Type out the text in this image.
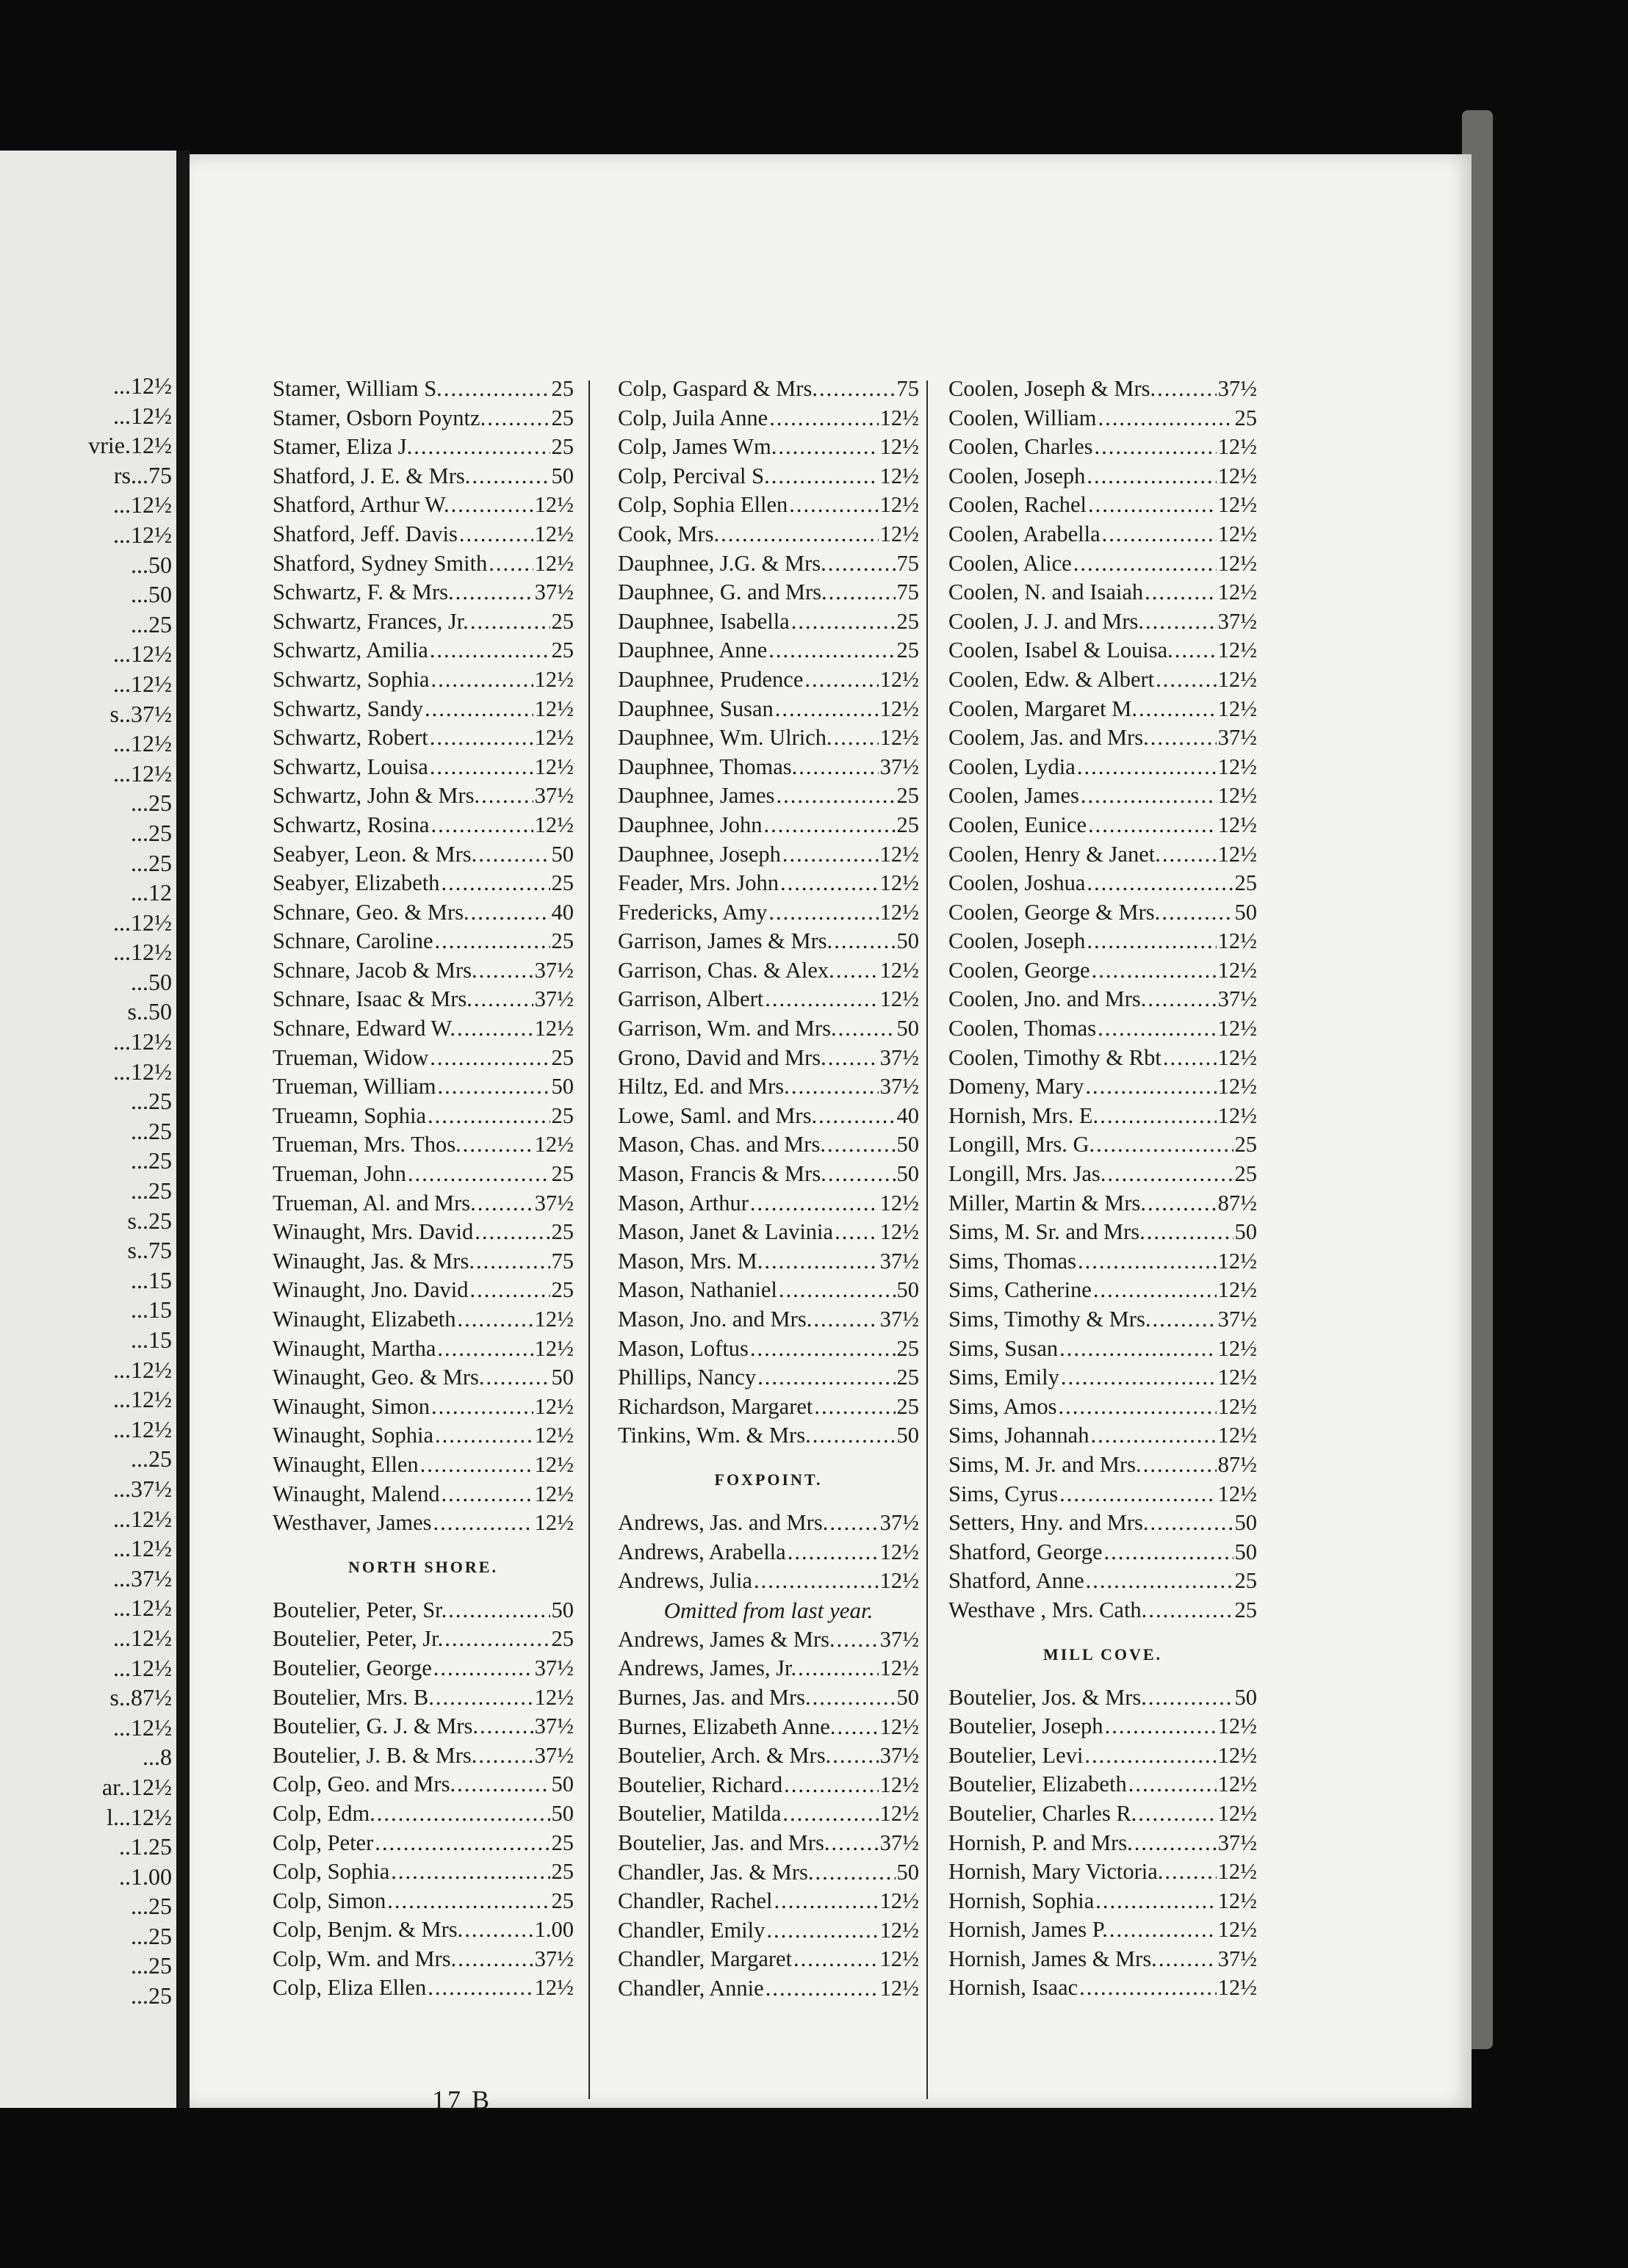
...12½
...12½
vrie.12½
rs...75
...12½
...12½
...50
...50
...25
...12½
...12½
s..37½
...12½
...12½
...25
...25
...25
...12
...12½
...12½
...50
s..50
...12½
...12½
...25
...25
...25
...25
s..25
s..75
...15
...15
...15
...12½
...12½
...12½
...25
...37½
...12½
...12½
...37½
...12½
...12½
...12½
s..87½
...12½
...8
ar..12½
l...12½
..1.25
..1.00
...25
...25
...25
...25
Stamer, William S. .....	25
Stamer, Osborn Poyntz. .....	25
Stamer, Eliza J. .....	25
Shatford, J. E. & Mrs. .....	50
Shatford, Arthur W. .....	12½
Shatford, Jeff. Davis .....	12½
Shatford, Sydney Smith ..... 12½
Schwartz, F. & Mrs. .....	37½
Schwartz, Frances, Jr. .....	25
Schwartz, Amilia .....	25
Schwartz, Sophia .....	12½
Schwartz, Sandy .....	12½
Schwartz, Robert .....	12½
Schwartz, Louisa .....	12½
Schwartz, John & Mrs. ..... 37½
Schwartz, Rosina .....	12½
Seabyer, Leon. & Mrs. .....	50
Seabyer, Elizabeth .....	25
Schnare, Geo. & Mrs. .....	40
Schnare, Caroline .....	25
Schnare, Jacob & Mrs. .....	37½
Schnare, Isaac & Mrs. .....	37½
Schnare, Edward W. .....	12½
Trueman, Widow .....	25
Trueman, William .....	50
Trueamn, Sophia .....	25
Trueman, Mrs. Thos. .....	12½
Trueman, John .....	25
Trueman, Al. and Mrs. .....	37½
Winaught, Mrs. David .....	25
Winaught, Jas. & Mrs. .....	75
Winaught, Jno. David .....	25
Winaught, Elizabeth .....	12½
Winaught, Martha .....	12½
Winaught, Geo. & Mrs. .....	50
Winaught, Simon .....	12½
Winaught, Sophia .....	12½
Winaught, Ellen .....	12½
Winaught, Malend .....	12½
Westhaver, James .....	12½
NORTH SHORE.
Boutelier, Peter, Sr. .....	50
Boutelier, Peter, Jr. .....	25
Boutelier, George .....	37½
Boutelier, Mrs. B. .....	12½
Boutelier, G. J. & Mrs. .....	37½
Boutelier, J. B. & Mrs. .....	37½
Colp, Geo. and Mrs. .....	50
Colp, Edm. .....	50
Colp, Peter .....	25
Colp, Sophia .....	25
Colp, Simon .....	25
Colp, Benjm. & Mrs. .....	1.00
Colp, Wm. and Mrs. .....	37½
Colp, Eliza Ellen .....	12½
Colp, Gaspard & Mrs. .....	75
Colp, Juila Anne .....	12½
Colp, James Wm. .....	12½
Colp, Percival S. .....	12½
Colp, Sophia Ellen .....	12½
Cook, Mrs. .....	12½
Dauphnee, J.G. & Mrs. .....	75
Dauphnee, G. and Mrs. .....	75
Dauphnee, Isabella .....	25
Dauphnee, Anne .....	25
Dauphnee, Prudence .....	12½
Dauphnee, Susan .....	12½
Dauphnee, Wm. Ulrich. ..... 12½
Dauphnee, Thomas. .....	37½
Dauphnee, James .....	25
Dauphnee, John .....	25
Dauphnee, Joseph .....	12½
Feader, Mrs. John .....	12½
Fredericks, Amy .....	12½
Garrison, James & Mrs. .....	50
Garrison, Chas. & Alex. ..... 12½
Garrison, Albert .....	12½
Garrison, Wm. and Mrs. .....	50
Grono, David and Mrs. ..... 37½
Hiltz, Ed. and Mrs. .....	37½
Lowe, Saml. and Mrs. .....	40
Mason, Chas. and Mrs. .....	50
Mason, Francis & Mrs. .....	50
Mason, Arthur .....	12½
Mason, Janet & Lavinia ..... 12½
Mason, Mrs. M. .....	37½
Mason, Nathaniel .....	50
Mason, Jno. and Mrs. .....	37½
Mason, Loftus .....	25
Phillips, Nancy .....	25
Richardson, Margaret .....	25
Tinkins, Wm. & Mrs. .....	50
FOXPOINT.
Andrews, Jas. and Mrs. ..... 37½
Andrews, Arabella .....	12½
Andrews, Julia .....	12½
Omitted from last year.
Andrews, James & Mrs. ..... 37½
Andrews, James, Jr. .....	12½
Burnes, Jas. and Mrs. .....	50
Burnes, Elizabeth Anne. ..... 12½
Boutelier, Arch. & Mrs. ..... 37½
Boutelier, Richard .....	12½
Boutelier, Matilda .....	12½
Boutelier, Jas. and Mrs. ..... 37½
Chandler, Jas. & Mrs. .....	50
Chandler, Rachel .....	12½
Chandler, Emily .....	12½
Chandler, Margaret .....	12½
Chandler, Annie .....	12½
Coolen, Joseph & Mrs. .....	37½
Coolen, William .....	25
Coolen, Charles .....	12½
Coolen, Joseph .....	12½
Coolen, Rachel .....	12½
Coolen, Arabella .....	12½
Coolen, Alice .....	12½
Coolen, N. and Isaiah .....	12½
Coolen, J. J. and Mrs. .....	37½
Coolen, Isabel & Louisa. ..... 12½
Coolen, Edw. & Albert .....	12½
Coolen, Margaret M. .....	12½
Coolem, Jas. and Mrs. .....	37½
Coolen, Lydia .....	12½
Coolen, James .....	12½
Coolen, Eunice .....	12½
Coolen, Henry & Janet. .....	12½
Coolen, Joshua .....	25
Coolen, George & Mrs. .....	50
Coolen, Joseph .....	12½
Coolen, George .....	12½
Coolen, Jno. and Mrs. .....	37½
Coolen, Thomas .....	12½
Coolen, Timothy & Rbt .....	12½
Domeny, Mary .....	12½
Hornish, Mrs. E. .....	12½
Longill, Mrs. G. .....	25
Longill, Mrs. Jas. .....	25
Miller, Martin & Mrs. .....	87½
Sims, M. Sr. and Mrs. .....	50
Sims, Thomas .....	12½
Sims, Catherine .....	12½
Sims, Timothy & Mrs. .....	37½
Sims, Susan .....	12½
Sims, Emily .....	12½
Sims, Amos .....	12½
Sims, Johannah .....	12½
Sims, M. Jr. and Mrs. .....	87½
Sims, Cyrus .....	12½
Setters, Hny. and Mrs. .....	50
Shatford, George .....	50
Shatford, Anne .....	25
Westhave , Mrs. Cath. .....	25
MILL COVE.
Boutelier, Jos. & Mrs. .....	50
Boutelier, Joseph .....	12½
Boutelier, Levi .....	12½
Boutelier, Elizabeth .....	12½
Boutelier, Charles R. .....	12½
Hornish, P. and Mrs. .....	37½
Hornish, Mary Victoria. ..... 12½
Hornish, Sophia .....	12½
Hornish, James P. .....	12½
Hornish, James & Mrs. .....	37½
Hornish, Isaac .....	12½
17 B
